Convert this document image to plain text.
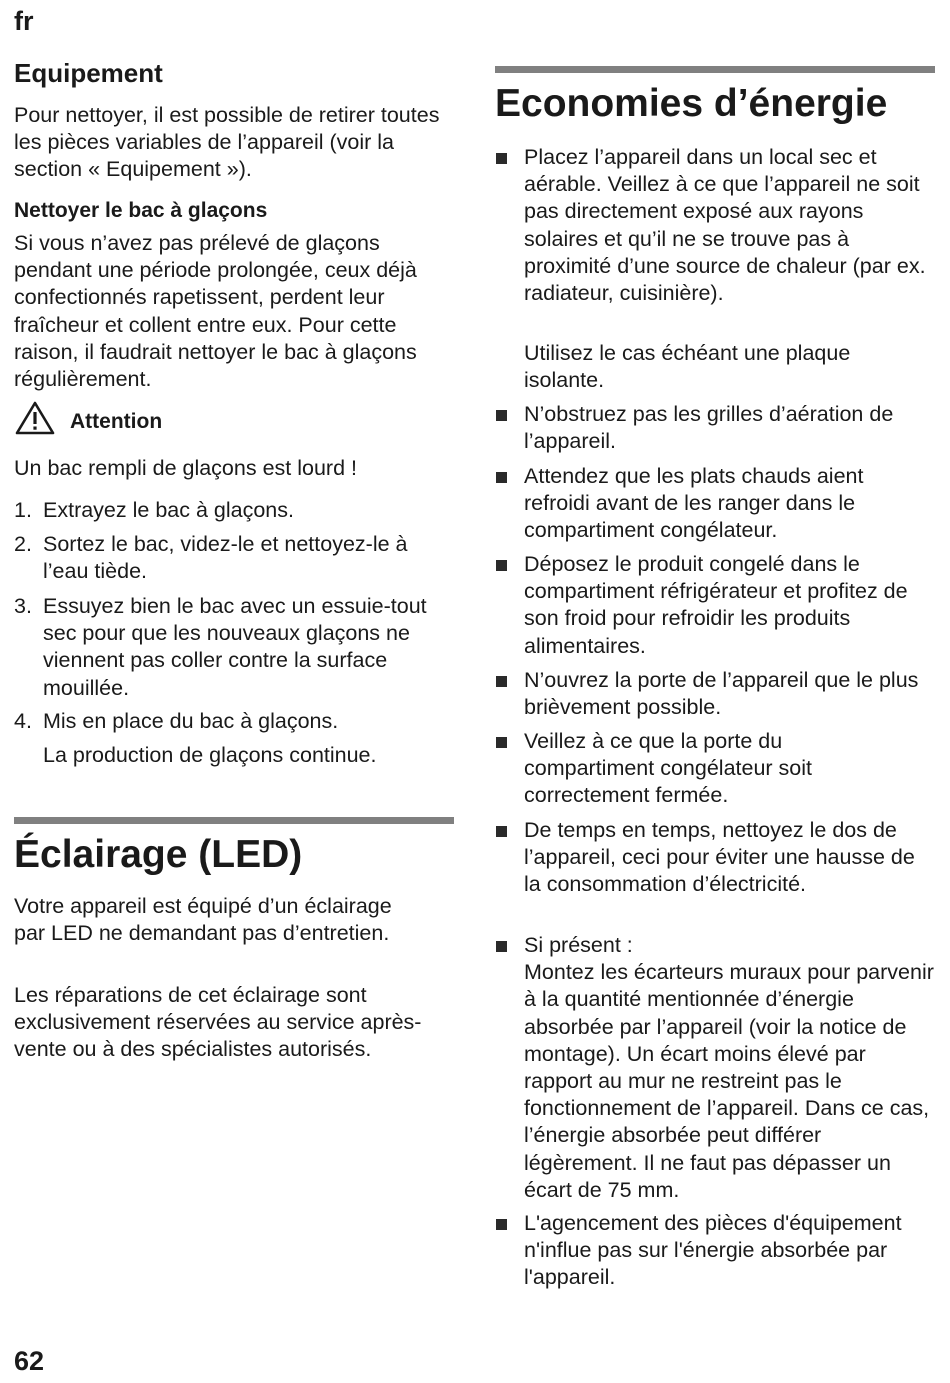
fr
Equipement

Pour nettoyer, il est possible de retirer toutes les pièces variables de l’appareil (voir la section « Equipement »).

Nettoyer le bac à glaçons

Si vous n’avez pas prélevé de glaçons pendant une période prolongée, ceux déjà confectionnés rapetissent, perdent leur fraîcheur et collent entre eux. Pour cette raison, il faudrait nettoyer le bac à glaçons régulièrement.

Attention

Un bac rempli de glaçons est lourd !

1. Extrayez le bac à glaçons.

2. Sortez le bac, videz-le et nettoyez-le à l’eau tiède.

3. Essuyez bien le bac avec un essuie-tout sec pour que les nouveaux glaçons ne viennent pas coller contre la surface mouillée.

4. Mis en place du bac à glaçons.

La production de glaçons continue.

Éclairage (LED)

Votre appareil est équipé d’un éclairage par LED ne demandant pas d’entretien.

Les réparations de cet éclairage sont exclusivement réservées au service après-vente ou à des spécialistes autorisés.

Economies d’énergie

Placez l’appareil dans un local sec et aérable. Veillez à ce que l’appareil ne soit pas directement exposé aux rayons solaires et qu’il ne se trouve pas à proximité d’une source de chaleur (par ex. radiateur, cuisinière).

Utilisez le cas échéant une plaque isolante.

N’obstruez pas les grilles d’aération de l’appareil.

Attendez que les plats chauds aient refroidi avant de les ranger dans le compartiment congélateur.

Déposez le produit congelé dans le compartiment réfrigérateur et profitez de son froid pour refroidir les produits alimentaires.

N’ouvrez la porte de l’appareil que le plus brièvement possible.

Veillez à ce que la porte du compartiment congélateur soit correctement fermée.

De temps en temps, nettoyez le dos de l’appareil, ceci pour éviter une hausse de la consommation d’électricité.

Si présent :

Montez les écarteurs muraux pour parvenir à la quantité mentionnée d’énergie absorbée par l’appareil (voir la notice de montage). Un écart moins élevé par rapport au mur ne restreint pas le fonctionnement de l’appareil. Dans ce cas, l’énergie absorbée peut différer légèrement. Il ne faut pas dépasser un écart de 75 mm.

L'agencement des pièces d'équipement n'influe pas sur l'énergie absorbée par l'appareil.

62
